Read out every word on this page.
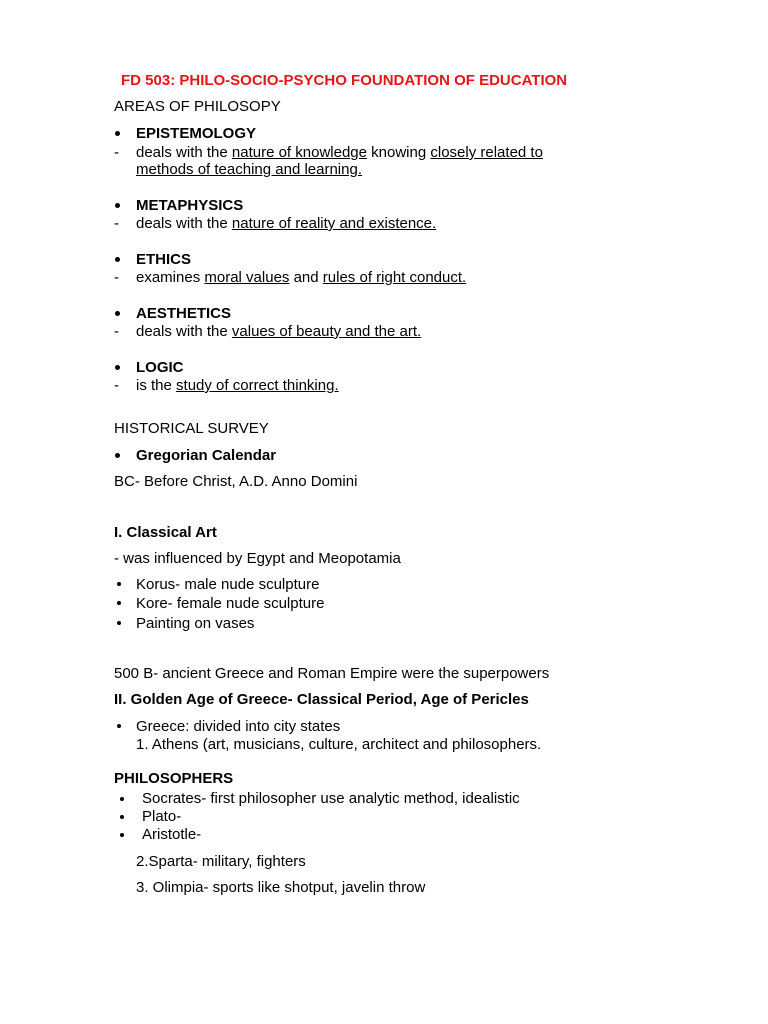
FD 503: PHILO-SOCIO-PSYCHO FOUNDATION OF EDUCATION
AREAS OF PHILOSOPY
EPISTEMOLOGY
- deals with the nature of knowledge knowing closely related to
methods of teaching and learning.
METAPHYSICS
- deals with the nature of reality and existence.
ETHICS
- examines moral values and rules of right conduct.
AESTHETICS
- deals with the values of beauty and the art.
LOGIC
- is the study of correct thinking.
HISTORICAL SURVEY
Gregorian Calendar
BC- Before Christ, A.D. Anno Domini
I. Classical Art
- was influenced by Egypt and Meopotamia
Korus- male nude sculpture
Kore- female nude sculpture
Painting on vases
500 B- ancient Greece and Roman Empire were the superpowers
II. Golden Age of Greece- Classical Period, Age of Pericles
Greece: divided into city states
1. Athens (art, musicians, culture, architect and philosophers.
PHILOSOPHERS
Socrates- first philosopher use analytic method, idealistic
Plato-
Aristotle-
2.Sparta- military, fighters
3. Olimpia- sports like shotput, javelin throw
